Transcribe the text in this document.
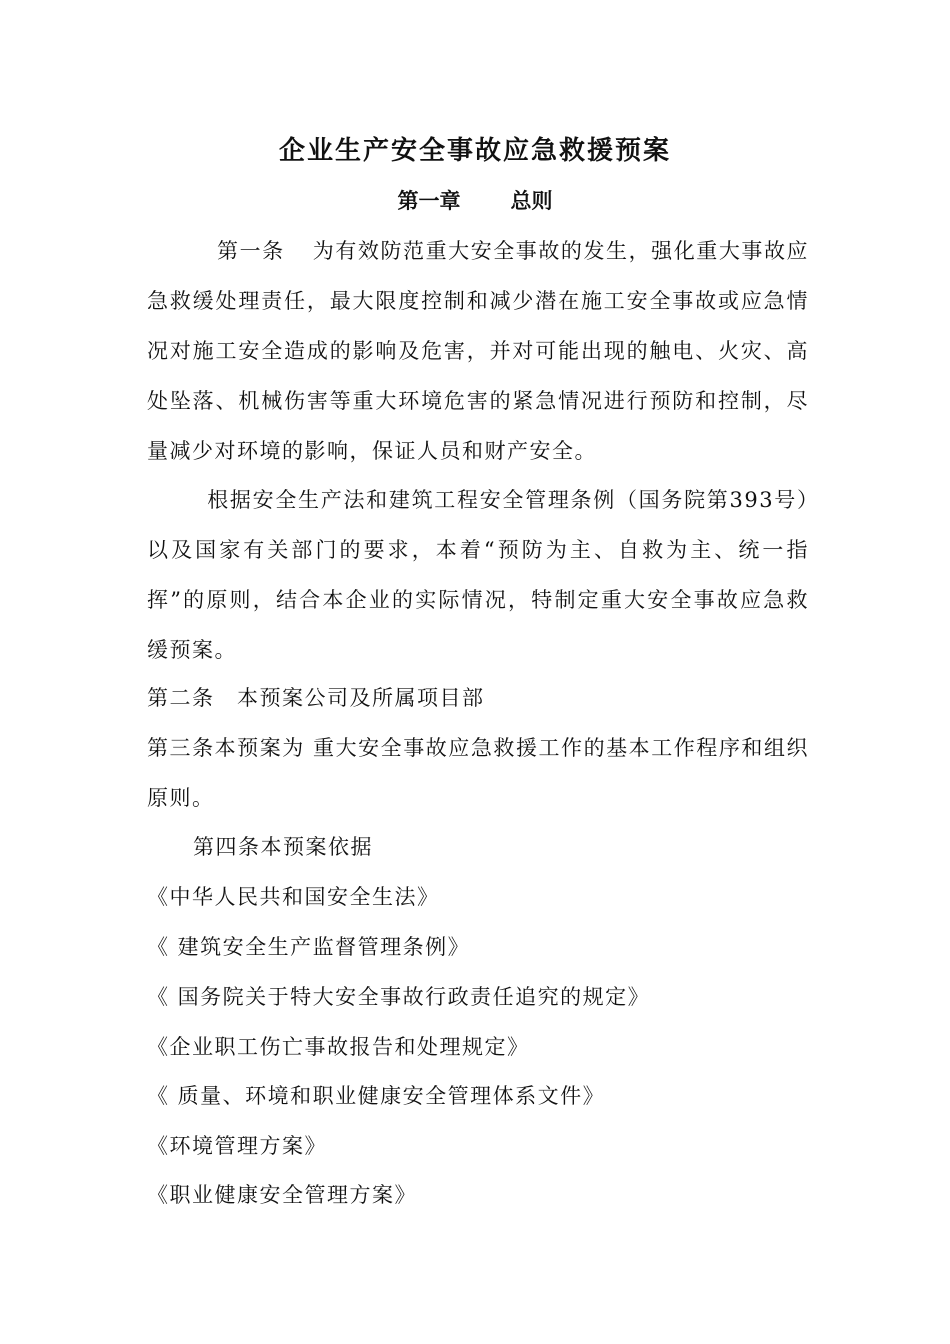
企业生产安全事故应急救援预案
第一章 总则
第一条 为有效防范重大安全事故的发生，强化重大事故应急救缓处理责任，最大限度控制和减少潜在施工安全事故或应急情况对施工安全造成的影响及危害，并对可能出现的触电、火灾、高处坠落、机械伤害等重大环境危害的紧急情况进行预防和控制，尽量减少对环境的影响，保证人员和财产安全。
根据安全生产法和建筑工程安全管理条例（国务院第393号）以及国家有关部门的要求，本着“预防为主、自救为主、统一指挥”的原则，结合本企业的实际情况，特制定重大安全事故应急救缓预案。
第二条　本预案公司及所属项目部
第三条本预案为 重大安全事故应急救援工作的基本工作程序和组织原则。
第四条本预案依据
《中华人民共和国安全生法》
《 建筑安全生产监督管理条例》
《 国务院关于特大安全事故行政责任追究的规定》
《企业职工伤亡事故报告和处理规定》
《 质量、环境和职业健康安全管理体系文件》
《环境管理方案》
《职业健康安全管理方案》
